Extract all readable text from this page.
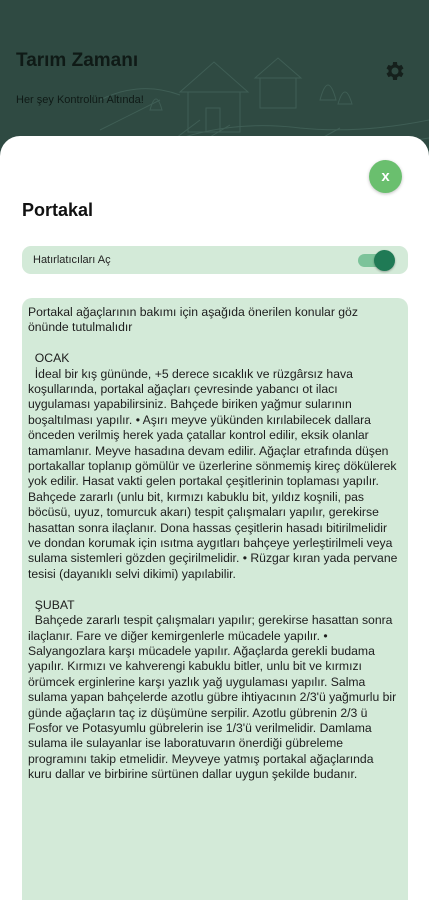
Tarım Zamanı
Her şey Kontrolün Altında!
x
Portakal
Hatırlatıcıları Aç

Portakal ağaçlarının bakımı için aşağıda önerilen konular göz önünde tutulmalıdır

OCAK

İdeal bir kış gününde, +5 derece sıcaklık ve rüzgârsız hava koşullarında, portakal ağaçları çevresinde yabancı ot ilacı uygulaması yapabilirsiniz. Bahçede biriken yağmur sularının boşaltılması yapılır. • Aşırı meyve yükünden kırılabilecek dallara önceden verilmiş herek yada çatallar kontrol edilir, eksik olanlar tamamlanır. Meyve hasadına devam edilir. Ağaçlar etrafında düşen portakallar toplanıp gömülür ve üzerlerine sönmemiş kireç dökülerek yok edilir. Hasat vakti gelen portakal çeşitlerinin toplaması yapılır. Bahçede zararlı (unlu bit, kırmızı kabuklu bit, yıldız koşnili, pas böcüsü, uyuz, tomurcuk akarı) tespit çalışmaları yapılır, gerekirse hasattan sonra ilaçlanır. Dona hassas çeşitlerin hasadı bitirilmelidir ve dondan korumak için ısıtma aygıtları bahçeye yerleştirilmeli veya sulama sistemleri gözden geçirilmelidir. • Rüzgar kıran yada pervane tesisi (dayanıklı selvi dikimi) yapılabilir.

ŞUBAT

Bahçede zararlı tespit çalışmaları yapılır; gerekirse hasattan sonra ilaçlanır. Fare ve diğer kemirgenlerle mücadele yapılır. • Salyangozlara karşı mücadele yapılır. Ağaçlarda gerekli budama yapılır. Kırmızı ve kahverengi kabuklu bitler, unlu bit ve kırmızı örümcek erginlerine karşı yazlık yağ uygulaması yapılır. Salma sulama yapan bahçelerde azotlu gübre ihtiyacının 2/3'ü yağmurlu bir günde ağaçların taç iz düşümüne serpilir. Azotlu gübrenin 2/3 ü Fosfor ve Potasyumlu gübrelerin ise 1/3'ü verilmelidir. Damlama sulama ile sulayanlar ise laboratuvarın önerdiği gübreleme programını takip etmelidir. Meyveye yatmış portakal ağaçlarında kuru dallar ve birbirine sürtünen dallar uygun şekilde budanır.
